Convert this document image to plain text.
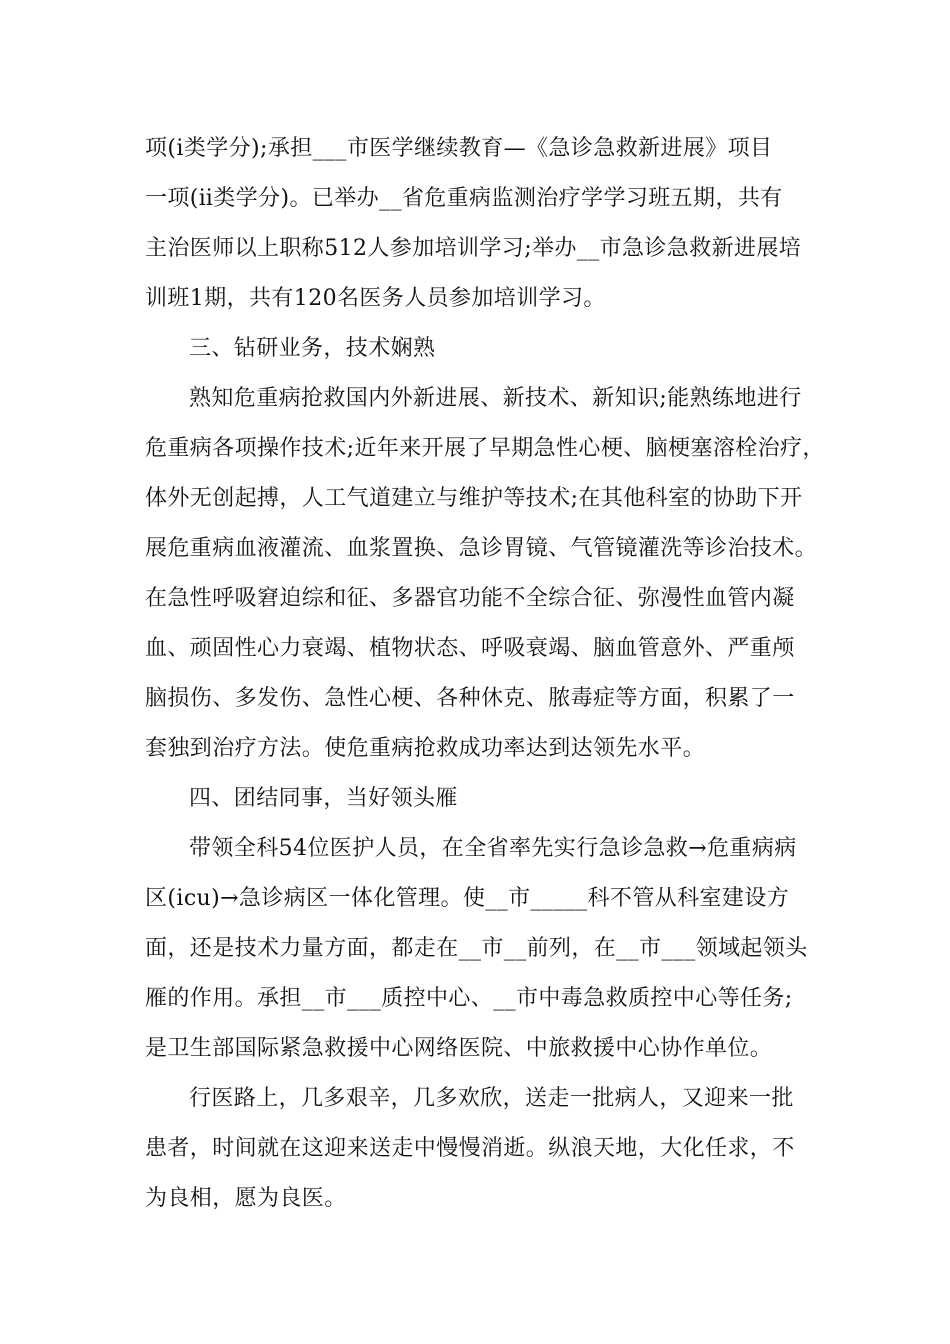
项(ⅰ类学分);承担___市医学继续教育—《急诊急救新进展》项目
一项(ⅱ类学分)。已举办__省危重病监测治疗学学习班五期，共有
主治医师以上职称512人参加培训学习;举办__市急诊急救新进展培
训班1期，共有120名医务人员参加培训学习。
三、钻研业务，技术娴熟
熟知危重病抢救国内外新进展、新技术、新知识;能熟练地进行
危重病各项操作技术;近年来开展了早期急性心梗、脑梗塞溶栓治疗，
体外无创起搏，人工气道建立与维护等技术;在其他科室的协助下开
展危重病血液灌流、血浆置换、急诊胃镜、气管镜灌洗等诊治技术。
在急性呼吸窘迫综和征、多器官功能不全综合征、弥漫性血管内凝
血、顽固性心力衰竭、植物状态、呼吸衰竭、脑血管意外、严重颅
脑损伤、多发伤、急性心梗、各种休克、脓毒症等方面，积累了一
套独到治疗方法。使危重病抢救成功率达到达领先水平。
四、团结同事，当好领头雁
带领全科54位医护人员，在全省率先实行急诊急救→危重病病
区(icu)→急诊病区一体化管理。使__市_____科不管从科室建设方
面，还是技术力量方面，都走在__市__前列，在__市___领域起领头
雁的作用。承担__市___质控中心、__市中毒急救质控中心等任务;
是卫生部国际紧急救援中心网络医院、中旅救援中心协作单位。
行医路上，几多艰辛，几多欢欣，送走一批病人，又迎来一批
患者，时间就在这迎来送走中慢慢消逝。纵浪天地，大化任求，不
为良相，愿为良医。
